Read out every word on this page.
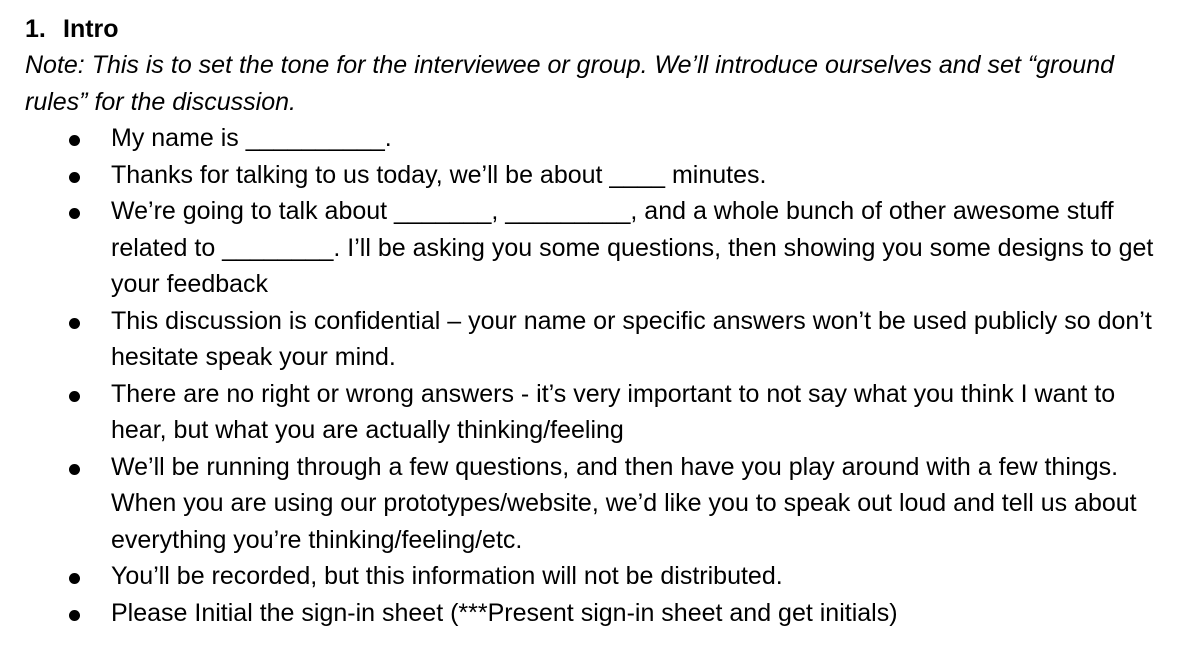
1. Intro
Note: This is to set the tone for the interviewee or group. We’ll introduce ourselves and set “ground rules” for the discussion.
My name is __________.
Thanks for talking to us today, we’ll be about ____ minutes.
We’re going to talk about _______, _________, and a whole bunch of other awesome stuff related to ________. I’ll be asking you some questions, then showing you some designs to get your feedback
This discussion is confidential – your name or specific answers won’t be used publicly so don’t hesitate speak your mind.
There are no right or wrong answers - it’s very important to not say what you think I want to hear, but what you are actually thinking/feeling
We’ll be running through a few questions, and then have you play around with a few things. When you are using our prototypes/website, we’d like you to speak out loud and tell us about everything you’re thinking/feeling/etc.
You’ll be recorded, but this information will not be distributed.
Please Initial the sign-in sheet (***Present sign-in sheet and get initials)
